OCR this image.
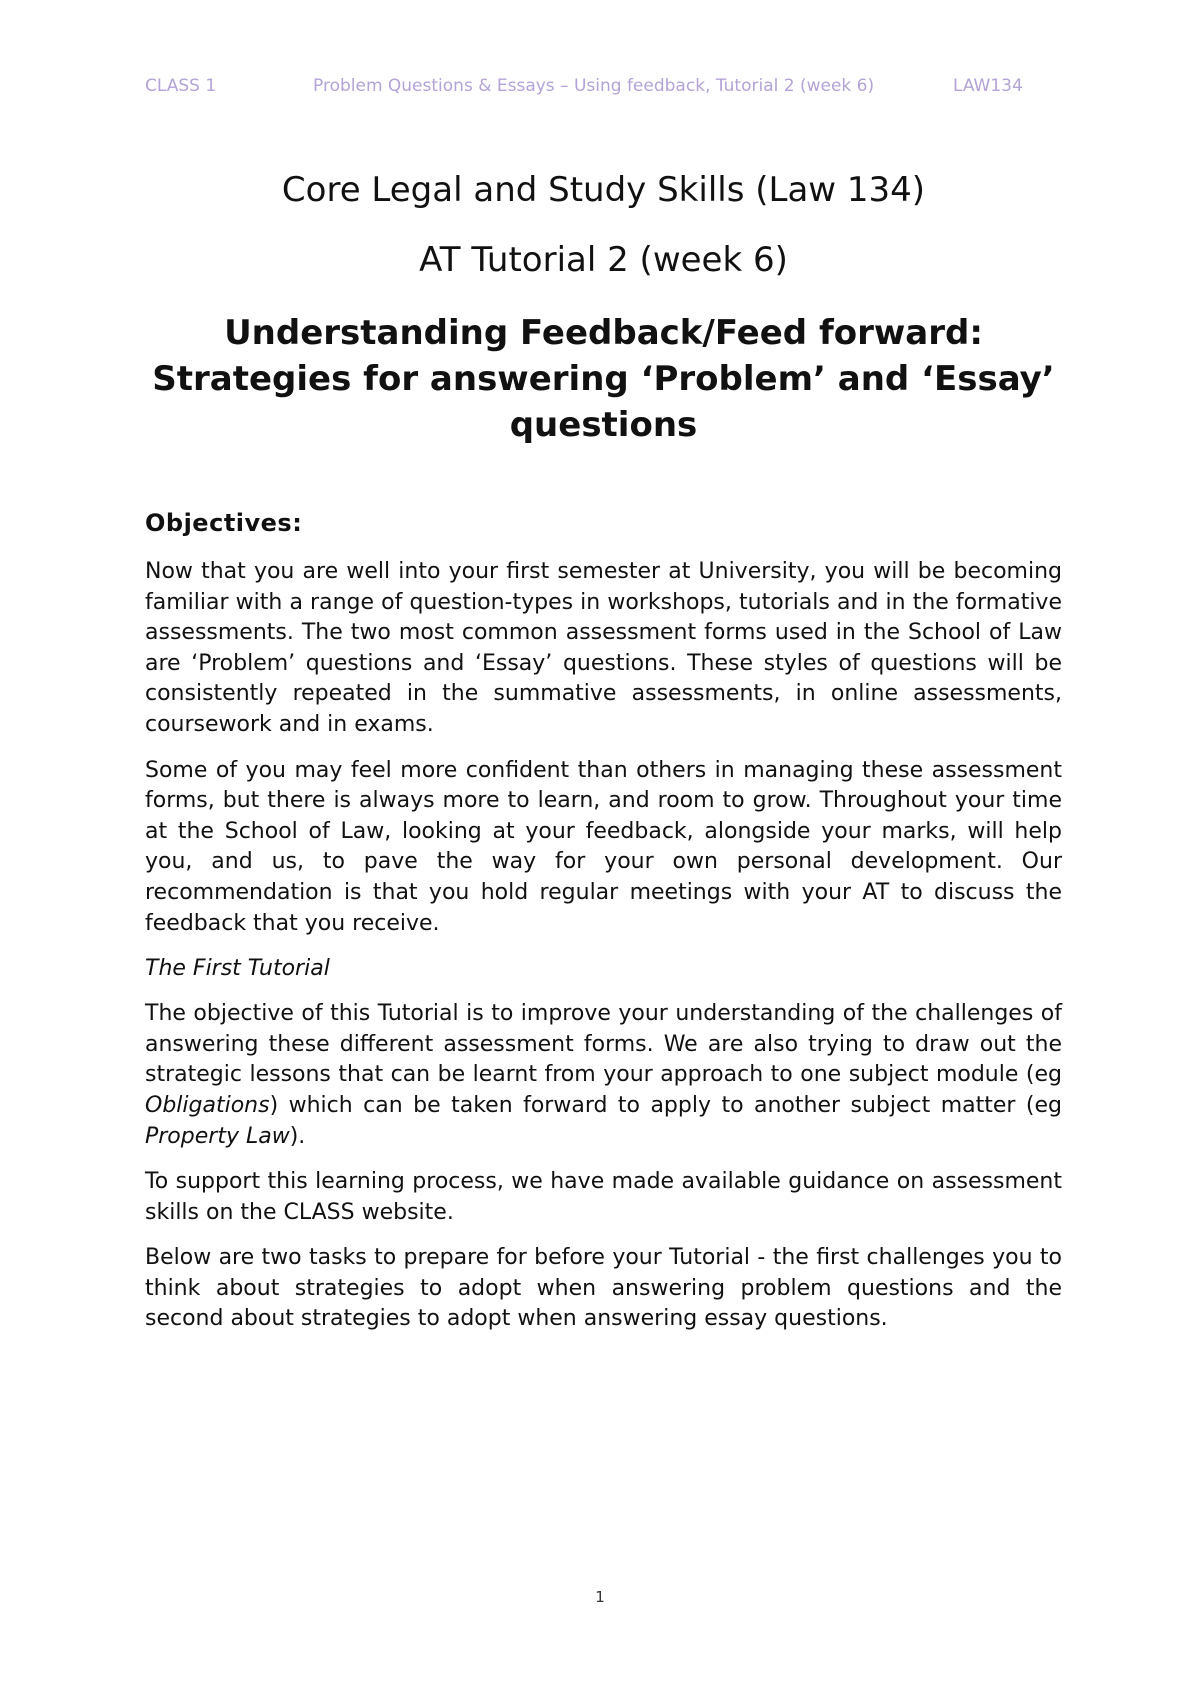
CLASS 1	Problem Questions & Essays – Using feedback, Tutorial 2 (week 6)	LAW134
Core Legal and Study Skills (Law 134)
AT Tutorial 2 (week 6)
Understanding Feedback/Feed forward: Strategies for answering ‘Problem’ and ‘Essay’ questions
Objectives:

Now that you are well into your first semester at University, you will be becoming familiar with a range of question-types in workshops, tutorials and in the formative assessments. The two most common assessment forms used in the School of Law are ‘Problem’ questions and ‘Essay’ questions. These styles of questions will be consistently repeated in the summative assessments, in online assessments, coursework and in exams.

Some of you may feel more confident than others in managing these assessment forms, but there is always more to learn, and room to grow. Throughout your time at the School of Law, looking at your feedback, alongside your marks, will help you, and us, to pave the way for your own personal development. Our recommendation is that you hold regular meetings with your AT to discuss the feedback that you receive.

The First Tutorial

The objective of this Tutorial is to improve your understanding of the challenges of answering these different assessment forms. We are also trying to draw out the strategic lessons that can be learnt from your approach to one subject module (eg Obligations) which can be taken forward to apply to another subject matter (eg Property Law).

To support this learning process, we have made available guidance on assessment skills on the CLASS website.

Below are two tasks to prepare for before your Tutorial - the first challenges you to think about strategies to adopt when answering problem questions and the second about strategies to adopt when answering essay questions.

1
